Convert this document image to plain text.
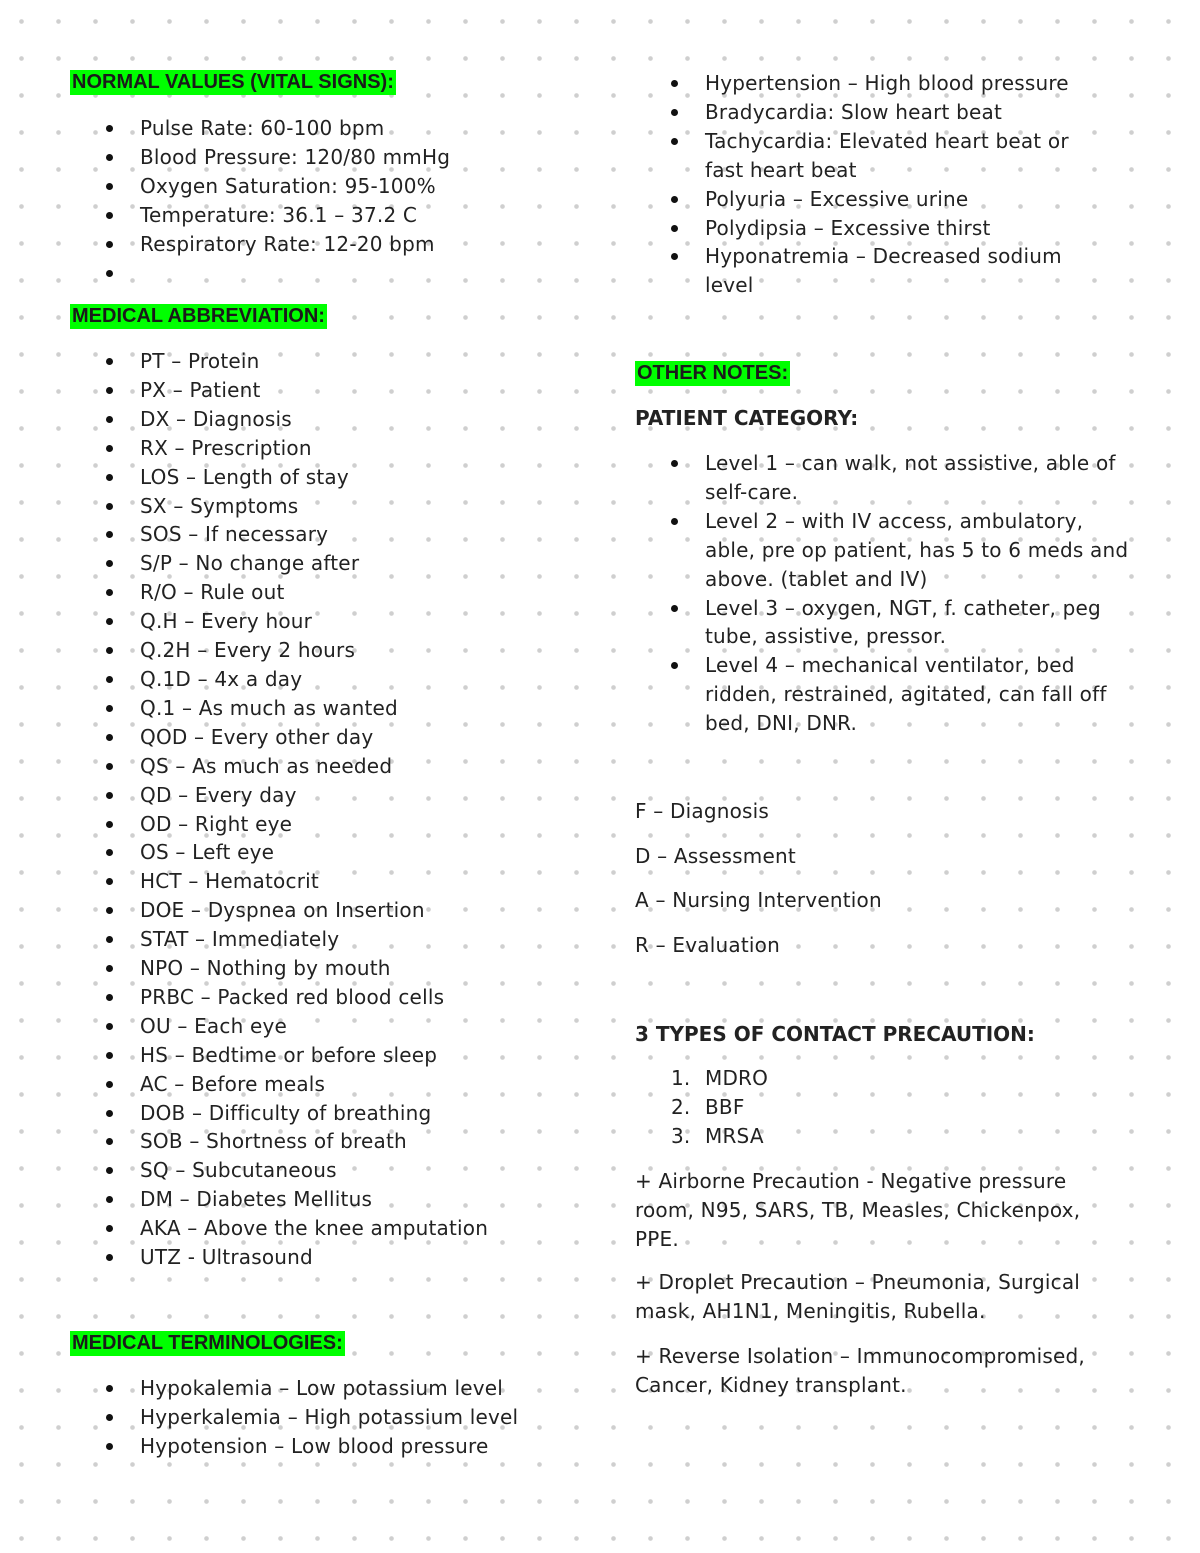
NORMAL VALUES (VITAL SIGNS):
Pulse Rate: 60-100 bpm
Blood Pressure: 120/80 mmHg
Oxygen Saturation: 95-100%
Temperature: 36.1 – 37.2 C
Respiratory Rate: 12-20 bpm

MEDICAL ABBREVIATION:
PT – Protein
PX – Patient
DX – Diagnosis
RX – Prescription
LOS – Length of stay
SX – Symptoms
SOS – If necessary
S/P – No change after
R/O – Rule out
Q.H – Every hour
Q.2H – Every 2 hours
Q.1D – 4x a day
Q.1 – As much as wanted
QOD – Every other day
QS – As much as needed
QD – Every day
OD – Right eye
OS – Left eye
HCT – Hematocrit
DOE – Dyspnea on Insertion
STAT – Immediately
NPO – Nothing by mouth
PRBC – Packed red blood cells
OU – Each eye
HS – Bedtime or before sleep
AC – Before meals
DOB – Difficulty of breathing
SOB – Shortness of breath
SQ – Subcutaneous
DM – Diabetes Mellitus
AKA – Above the knee amputation
UTZ - Ultrasound
MEDICAL TERMINOLOGIES:
Hypokalemia – Low potassium level
Hyperkalemia – High potassium level
Hypotension – Low blood pressure
Hypertension – High blood pressure
Bradycardia: Slow heart beat
Tachycardia: Elevated heart beat or fast heart beat
Polyuria – Excessive urine
Polydipsia – Excessive thirst
Hyponatremia – Decreased sodium level
OTHER NOTES:
PATIENT CATEGORY:
Level 1 – can walk, not assistive, able of self-care.
Level 2 – with IV access, ambulatory, able, pre op patient, has 5 to 6 meds and above. (tablet and IV)
Level 3 – oxygen, NGT, f. catheter, peg tube, assistive, pressor.
Level 4 – mechanical ventilator, bed ridden, restrained, agitated, can fall off bed, DNI, DNR.

F – Diagnosis

D – Assessment

A – Nursing Intervention

R – Evaluation

3 TYPES OF CONTACT PRECAUTION:
1. MDRO
2. BBF
3. MRSA

+ Airborne Precaution - Negative pressure room, N95, SARS, TB, Measles, Chickenpox, PPE.

+ Droplet Precaution – Pneumonia, Surgical mask, AH1N1, Meningitis, Rubella.

+ Reverse Isolation – Immunocompromised, Cancer, Kidney transplant.
